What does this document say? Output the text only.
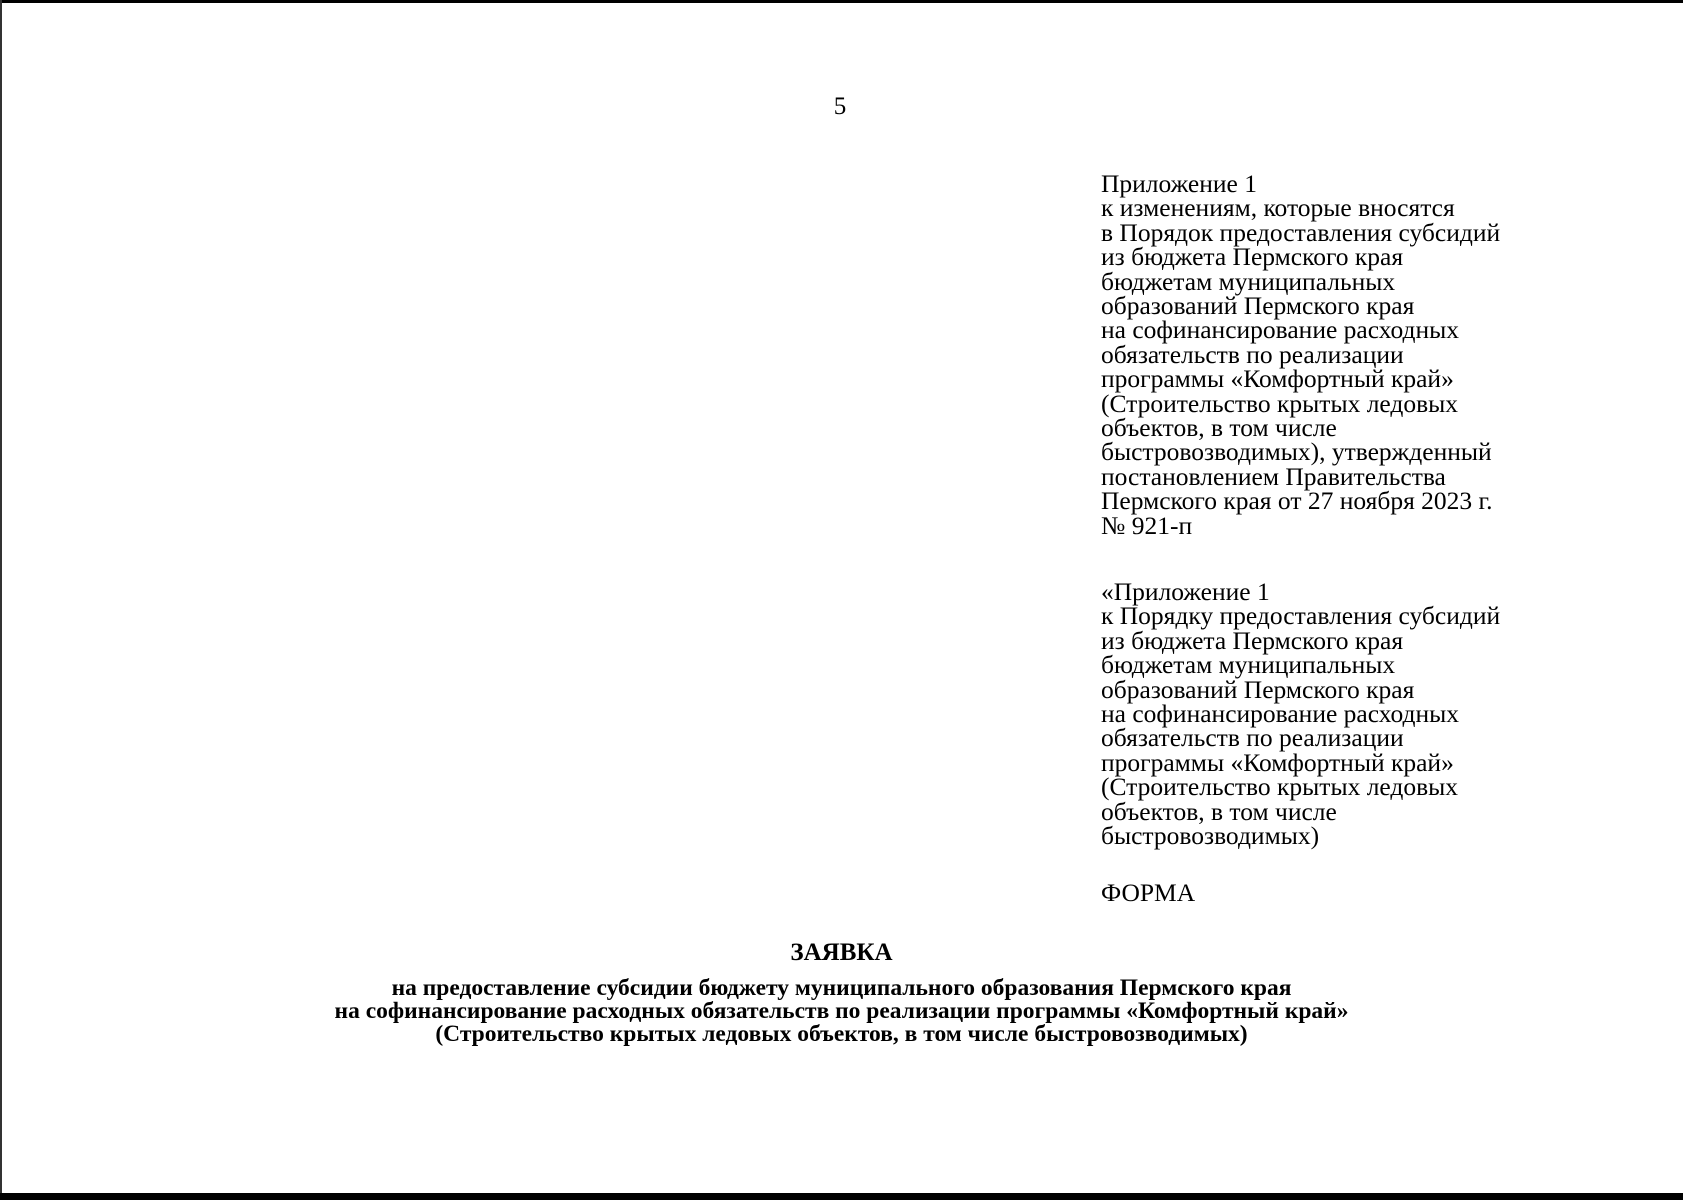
5
Приложение 1
к изменениям, которые вносятся
в Порядок предоставления субсидий
из бюджета Пермского края
бюджетам муниципальных
образований Пермского края
на софинансирование расходных
обязательств по реализации
программы «Комфортный край»
(Строительство крытых ледовых
объектов, в том числе
быстровозводимых), утвержденный
постановлением Правительства
Пермского края от 27 ноября 2023 г.
№ 921-п
«Приложение 1
к Порядку предоставления субсидий
из бюджета Пермского края
бюджетам муниципальных
образований Пермского края
на софинансирование расходных
обязательств по реализации
программы «Комфортный край»
(Строительство крытых ледовых
объектов, в том числе
быстровозводимых)
ФОРМА
ЗАЯВКА
на предоставление субсидии бюджету муниципального образования Пермского края
на софинансирование расходных обязательств по реализации программы «Комфортный край»
(Строительство крытых ледовых объектов, в том числе быстровозводимых)
